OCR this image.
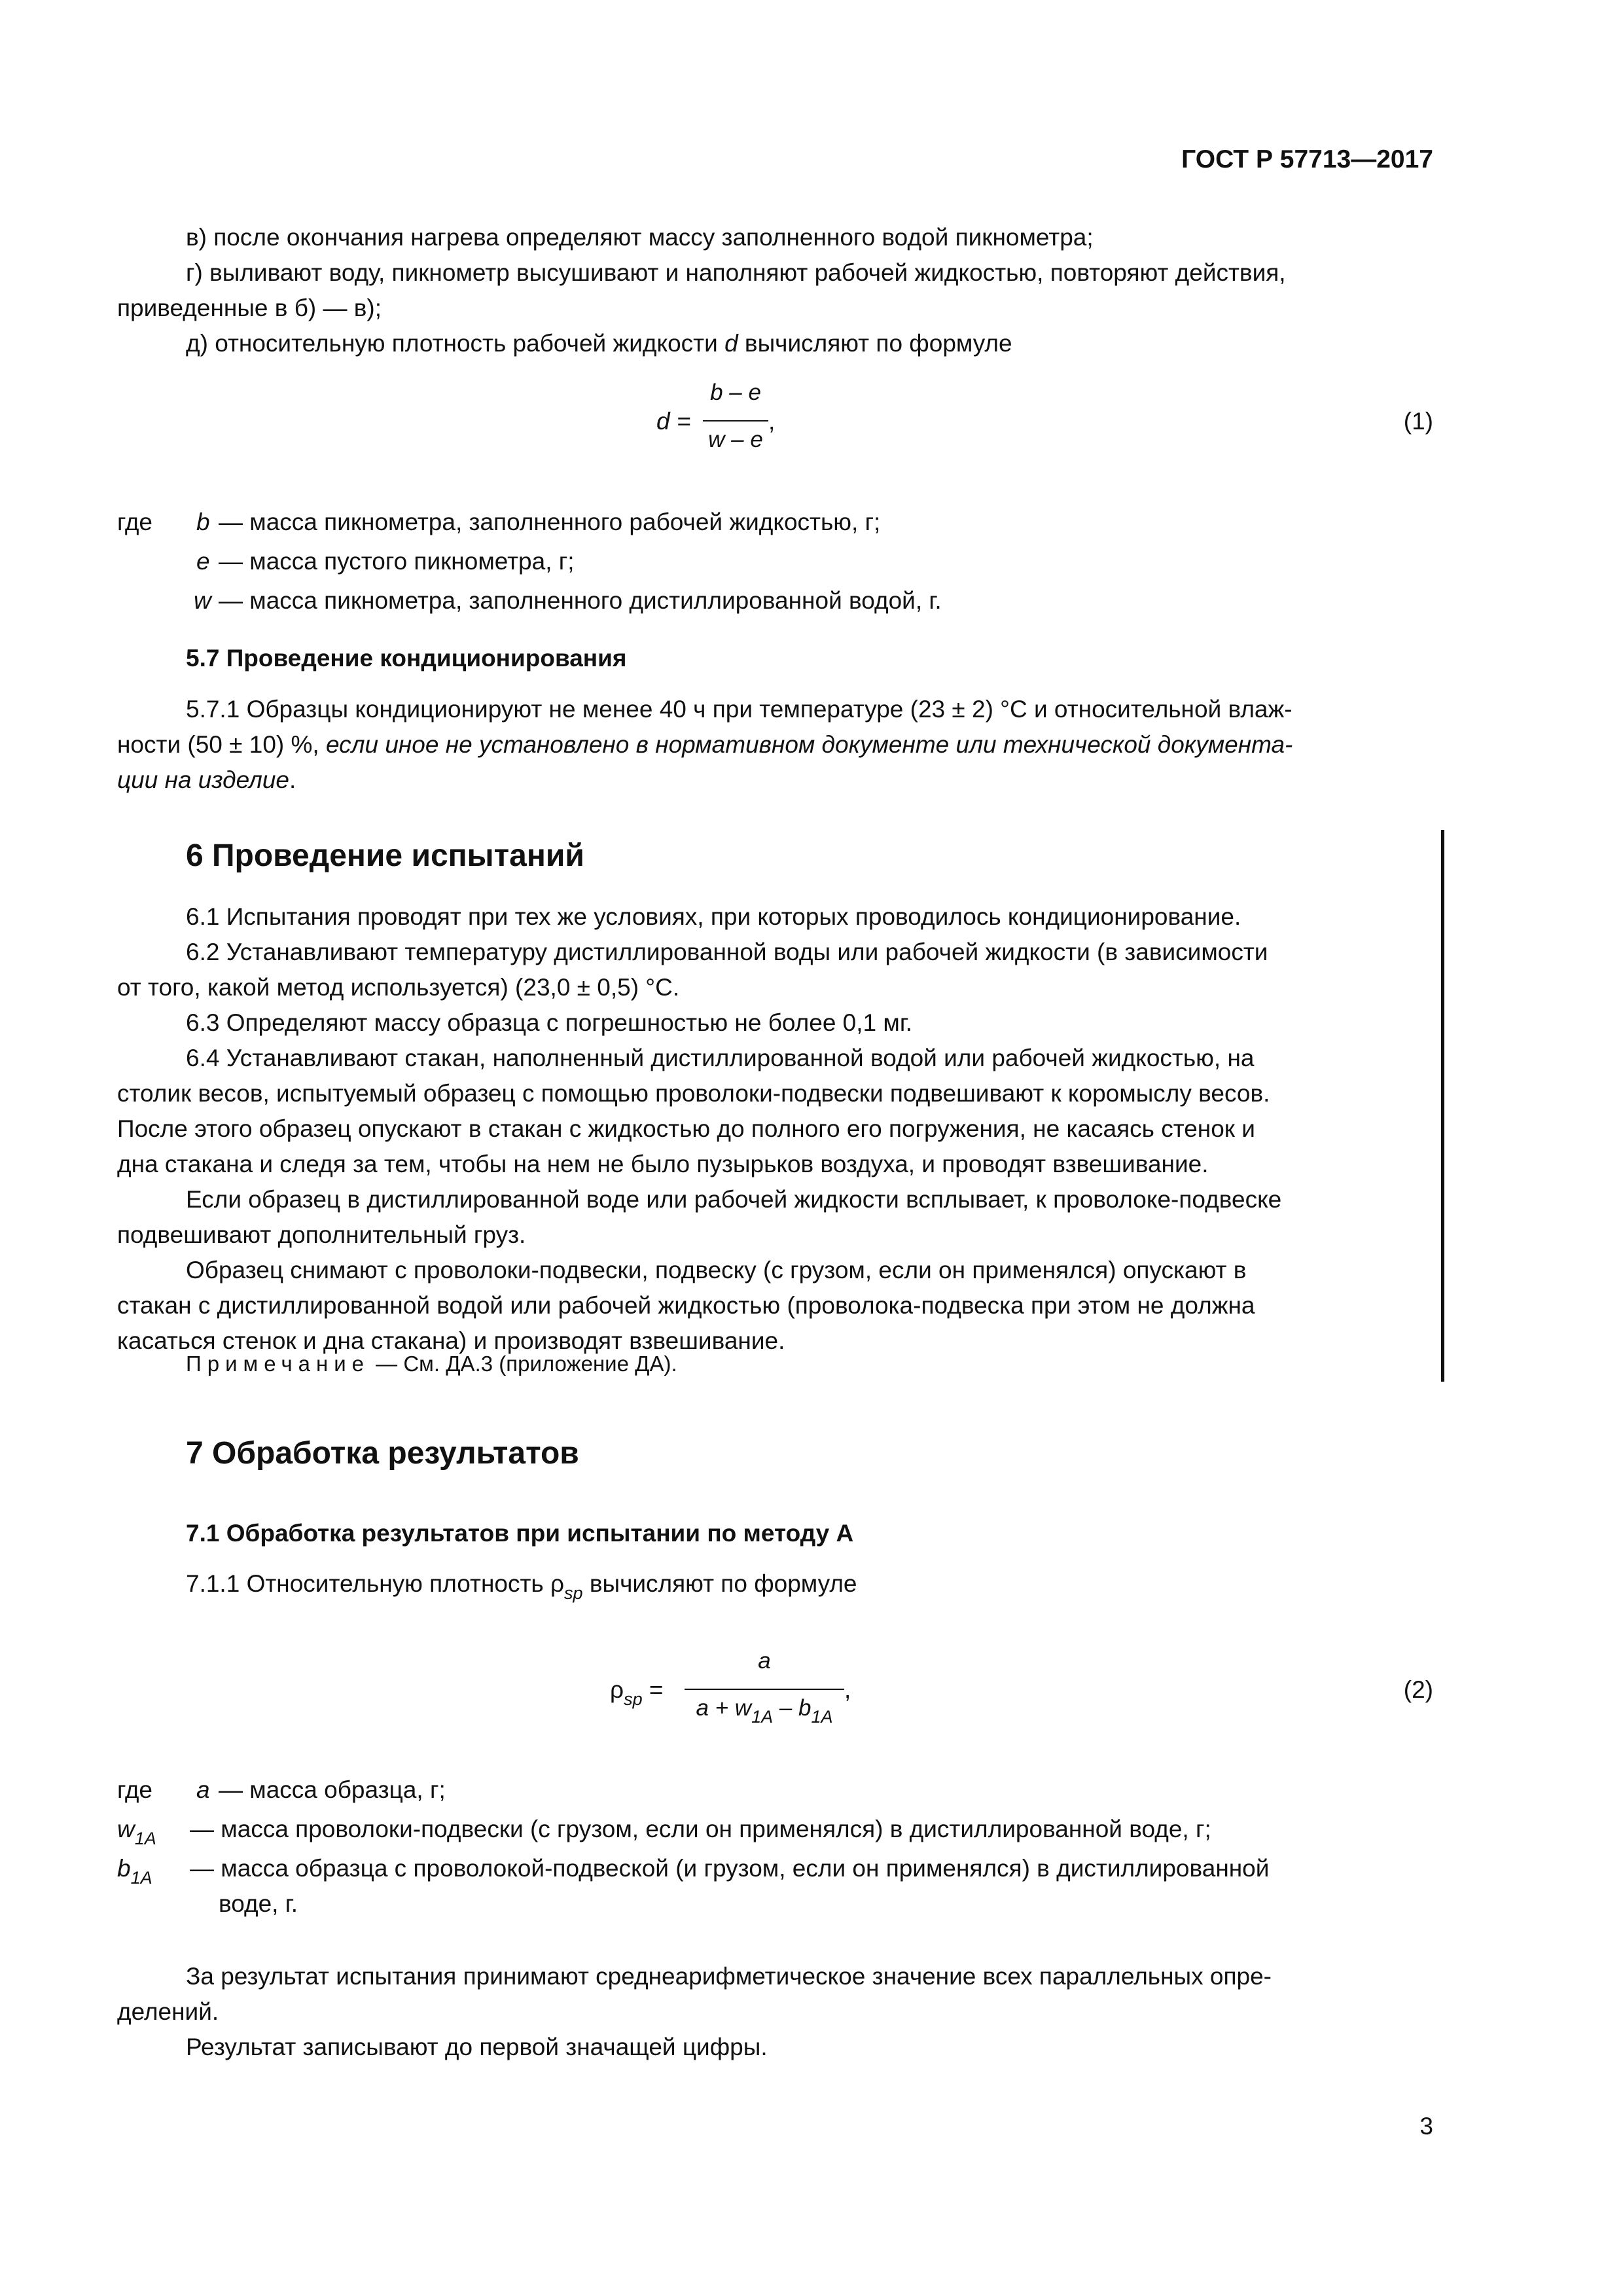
ГОСТ Р 57713—2017
в) после окончания нагрева определяют массу заполненного водой пикнометра;
г) выливают воду, пикнометр высушивают и наполняют рабочей жидкостью, повторяют действия,
приведенные в б) — в);
д) относительную плотность рабочей жидкости d вычисляют по формуле
d =
b – e
w – e
,	(1)
где b — масса пикнометра, заполненного рабочей жидкостью, г;
e — масса пустого пикнометра, г;
w — масса пикнометра, заполненного дистиллированной водой, г.
5.7 Проведение кондиционирования
5.7.1 Образцы кондиционируют не менее 40 ч при температуре (23 ± 2) °С и относительной влаж-
ности (50 ± 10) %, если иное не установлено в нормативном документе или технической документа-
ции на изделие.
6 Проведение испытаний
6.1 Испытания проводят при тех же условиях, при которых проводилось кондиционирование.
6.2 Устанавливают температуру дистиллированной воды или рабочей жидкости (в зависимости
от того, какой метод используется) (23,0 ± 0,5) °С.
6.3 Определяют массу образца с погрешностью не более 0,1 мг.
6.4 Устанавливают стакан, наполненный дистиллированной водой или рабочей жидкостью, на
столик весов, испытуемый образец с помощью проволоки-подвески подвешивают к коромыслу весов.
После этого образец опускают в стакан с жидкостью до полного его погружения, не касаясь стенок и
дна стакана и следя за тем, чтобы на нем не было пузырьков воздуха, и проводят взвешивание.
Если образец в дистиллированной воде или рабочей жидкости всплывает, к проволоке-подвеске
подвешивают дополнительный груз.
Образец снимают с проволоки-подвески, подвеску (с грузом, если он применялся) опускают в
стакан с дистиллированной водой или рабочей жидкостью (проволока-подвеска при этом не должна
касаться стенок и дна стакана) и производят взвешивание.
Примечание — См. ДА.3 (приложение ДА).
7 Обработка результатов
7.1 Обработка результатов при испытании по методу А
7.1.1 Относительную плотность $\rho_{sp}$ вычисляют по формуле
$\rho_{sp}$ =
a
$a + w_{1A} - b_{1A}$
,	(2)
где a — масса образца, г;
$w_{1A}$ — масса проволоки-подвески (с грузом, если он применялся) в дистиллированной воде, г;
$b_{1A}$ — масса образца с проволокой-подвеской (и грузом, если он применялся) в дистиллированной
воде, г.
За результат испытания принимают среднеарифметическое значение всех параллельных опре-
делений.
Результат записывают до первой значащей цифры.
3
